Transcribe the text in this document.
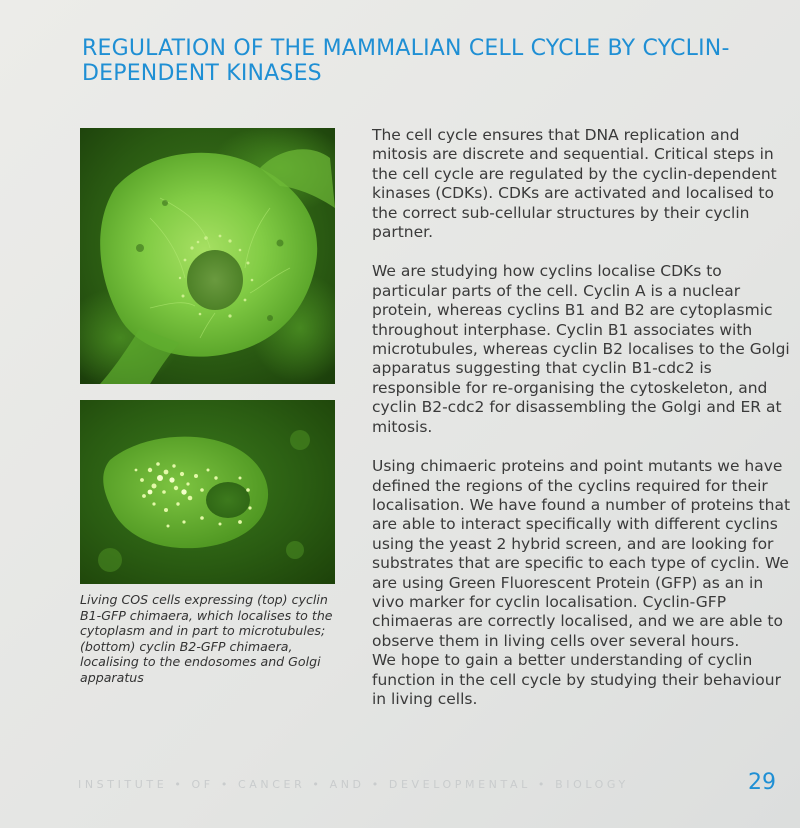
REGULATION OF THE MAMMALIAN CELL CYCLE BY CYCLIN-DEPENDENT KINASES

Living COS cells expressing (top) cyclin B1-GFP chimaera, which localises to the cytoplasm and in part to microtubules; (bottom) cyclin B2-GFP chimaera, localising to the endosomes and Golgi apparatus

The cell cycle ensures that DNA replication and mitosis are discrete and sequential. Critical steps in the cell cycle are regulated by the cyclin-dependent kinases (CDKs). CDKs are activated and localised to the correct sub-cellular structures by their cyclin partner.

We are studying how cyclins localise CDKs to particular parts of the cell. Cyclin A is a nuclear protein, whereas cyclins B1 and B2 are cytoplasmic throughout interphase. Cyclin B1 associates with microtubules, whereas cyclin B2 localises to the Golgi apparatus suggesting that cyclin B1-cdc2 is responsible for re-organising the cytoskeleton, and cyclin B2-cdc2 for disassembling the Golgi and ER at mitosis.

Using chimaeric proteins and point mutants we have defined the regions of the cyclins required for their localisation. We have found a number of proteins that are able to interact specifically with different cyclins using the yeast 2 hybrid screen, and are looking for substrates that are specific to each type of cyclin. We are using Green Fluorescent Protein (GFP) as an in vivo marker for cyclin localisation. Cyclin-GFP chimaeras are correctly localised, and we are able to observe them in living cells over several hours.

We hope to gain a better understanding of cyclin function in the cell cycle by studying their behaviour in living cells.

INSTITUTE • OF • CANCER • AND • DEVELOPMENTAL • BIOLOGY	29
